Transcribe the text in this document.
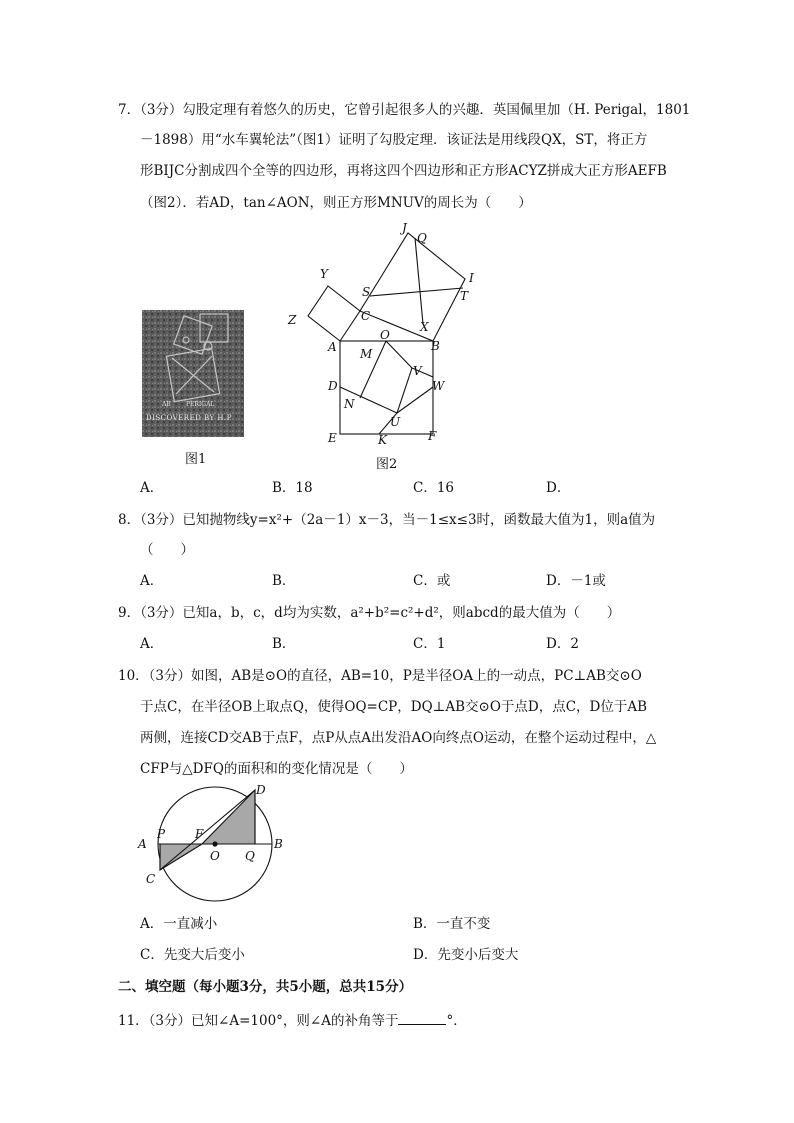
7．（3分）勾股定理有着悠久的历史，它曾引起很多人的兴趣．英国佩里加（H. Perigal，1801
－1898）用“水车翼轮法”（图1）证明了勾股定理．该证法是用线段QX，ST，将正方
形BIJC分割成四个全等的四边形，再将这四个四边形和正方形ACYZ拼成大正方形AEFB
（图2）．若AD，tan∠AON，则正方形MNUV的周长为（　　）
AB	PERIGAL
DISCOVERED BY H.P
图1
J
Q
I
T
Y
S
Z	C
X
A	B
O
M
V
D	W
N
U
E	K	F
图2
A．	B．18	C．16	D．
8．（3分）已知抛物线y=x²+（2a－1）x－3，当－1≤x≤3时，函数最大值为1，则a值为
（　　）
A．	B．	C．或	D．－1或
9．（3分）已知a，b，c，d均为实数，a²+b²=c²+d²，则abcd的最大值为（　　）
A．	B．	C．1	D．2
10．（3分）如图，AB是⊙O的直径，AB=10，P是半径OA上的一动点，PC⊥AB交⊙O
于点C，在半径OB上取点Q，使得OQ=CP，DQ⊥AB交⊙O于点D，点C，D位于AB
两侧，连接CD交AB于点F，点P从点A出发沿AO向终点O运动，在整个运动过程中，△
CFP与△DFQ的面积和的变化情况是（　　）
A
P F
O Q
B
C
D
A．一直减小	B．一直不变
C．先变大后变小	D．先变小后变大
二、填空题（每小题3分，共5小题，总共15分）
11．（3分）已知∠A=100°，则∠A的补角等于	°．
